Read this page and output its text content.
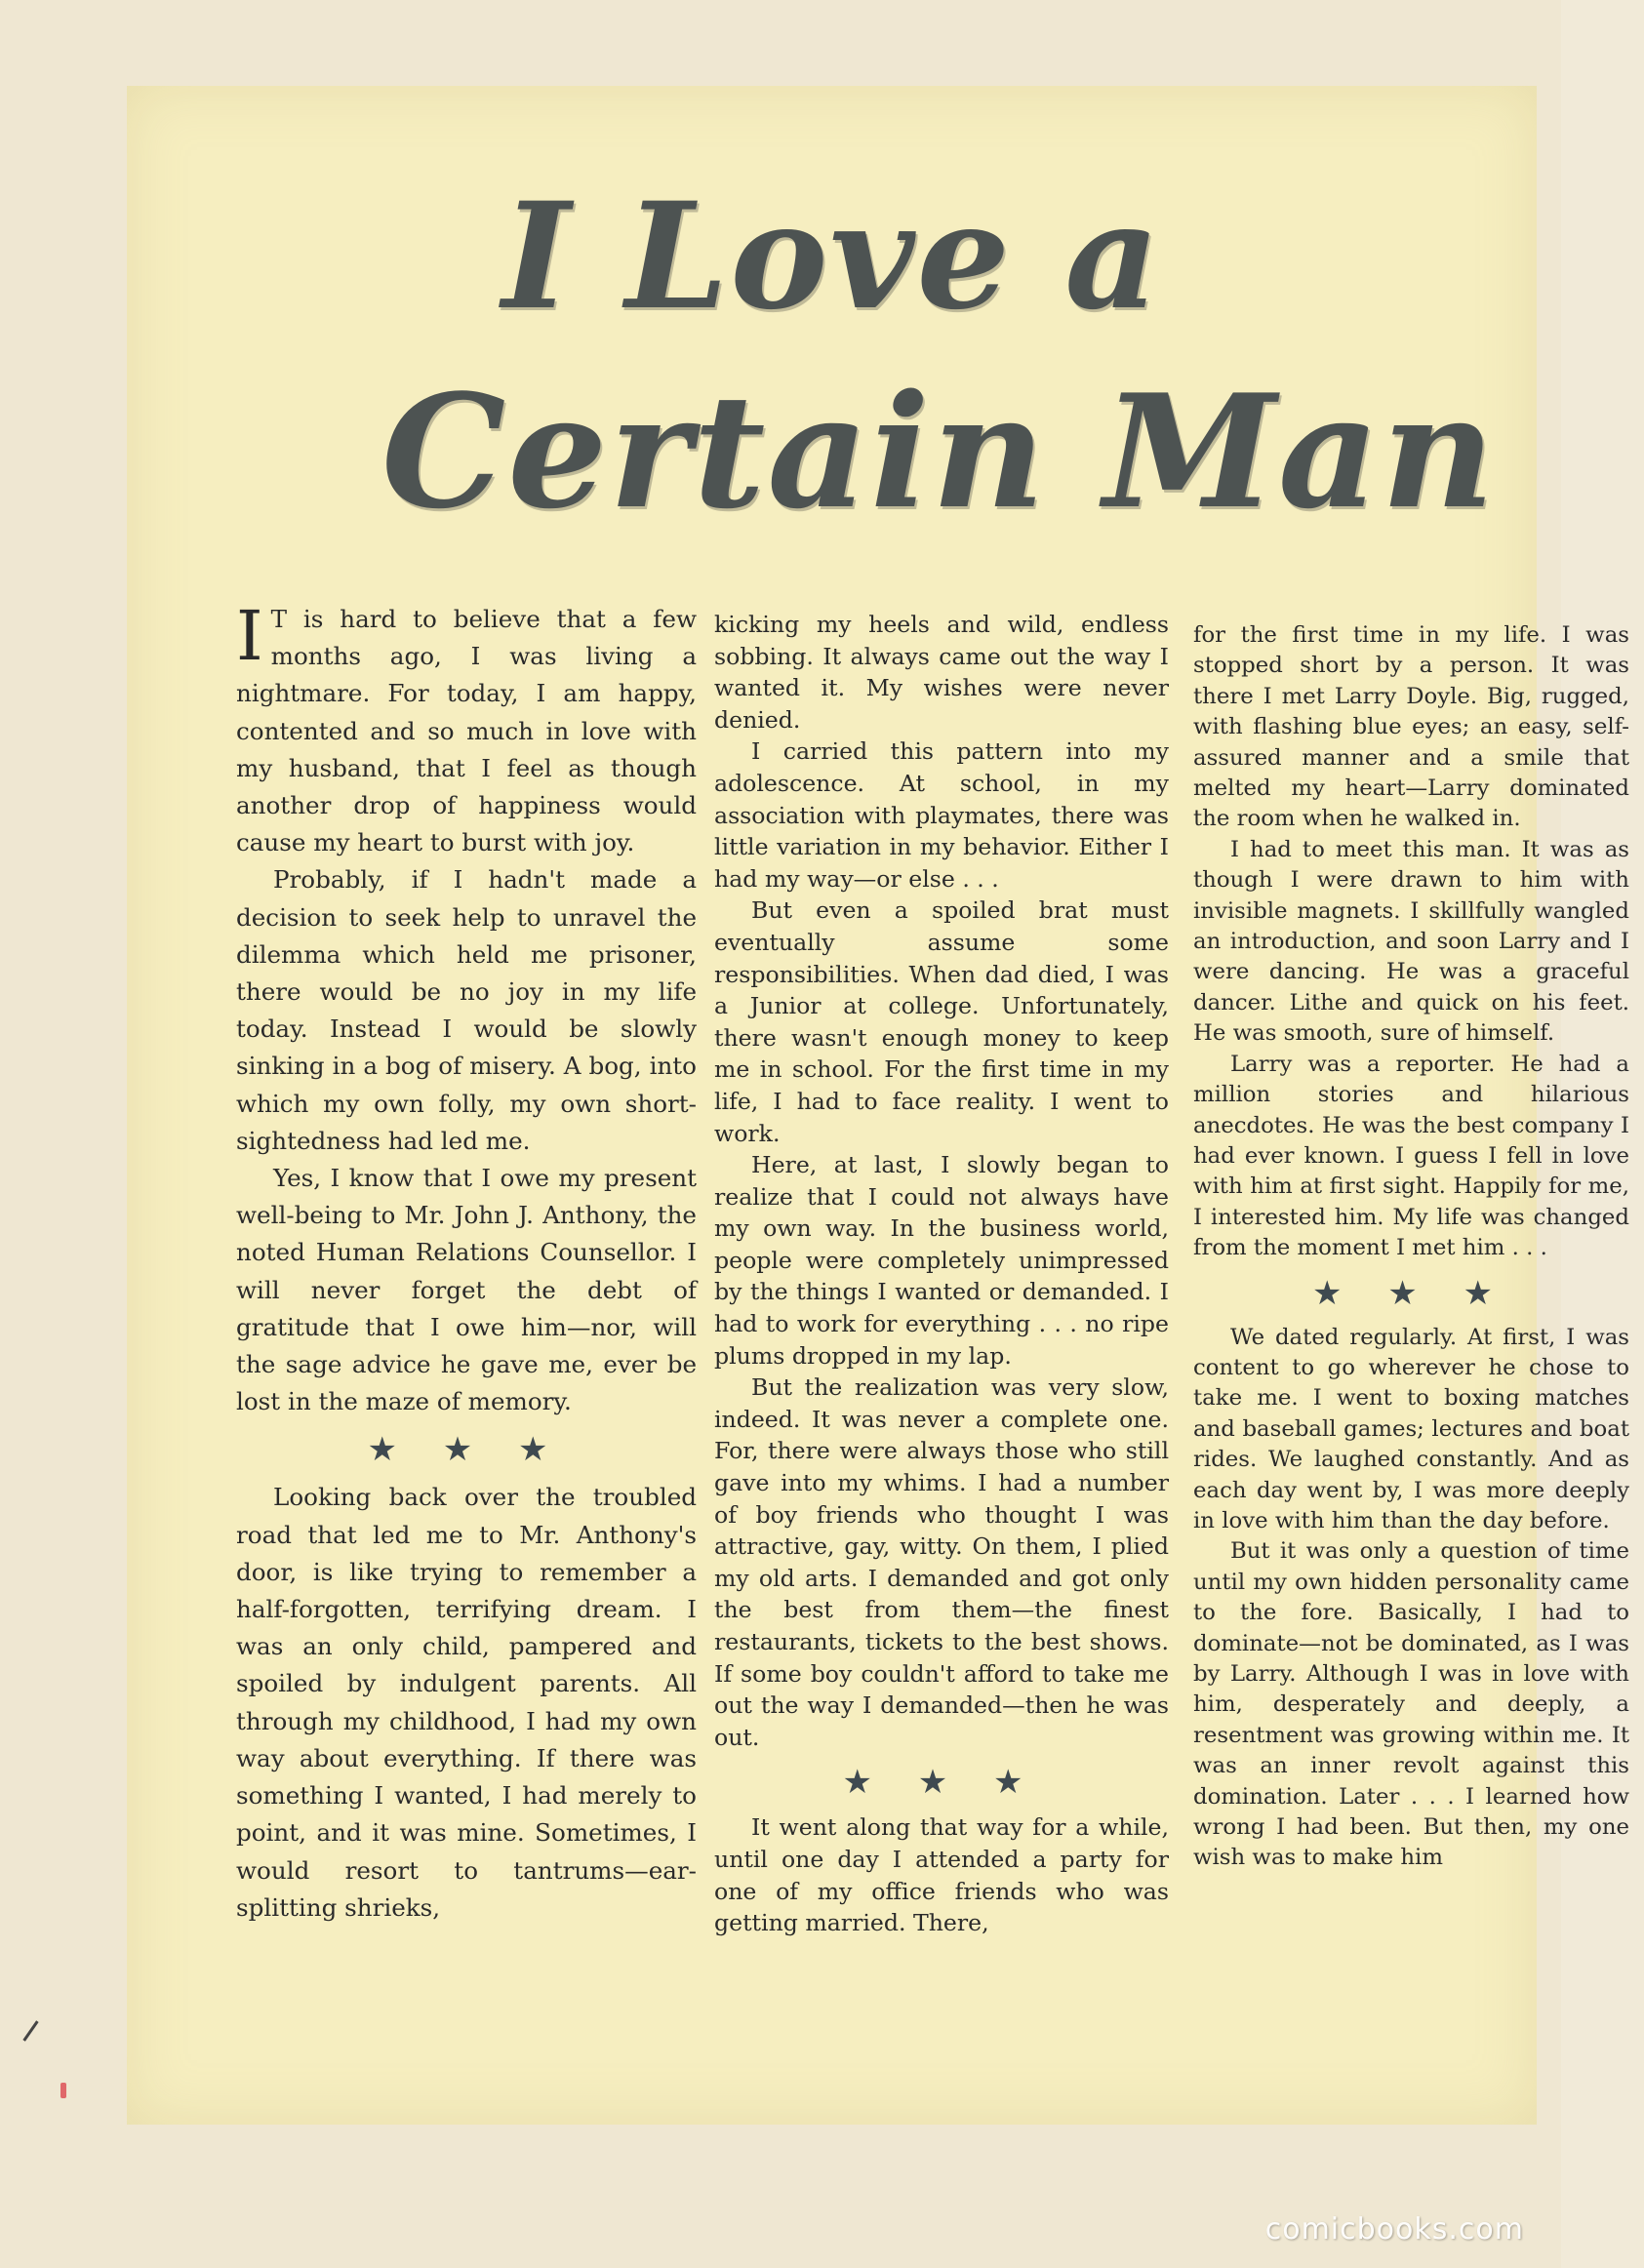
I Love a
Certain Man

I T is hard to believe that a few months ago, I was living a nightmare. For today, I am happy, contented and so much in love with my husband, that I feel as though another drop of happiness would cause my heart to burst with joy.

Probably, if I hadn't made a decision to seek help to unravel the dilemma which held me prisoner, there would be no joy in my life today. Instead I would be slowly sinking in a bog of misery. A bog, into which my own folly, my own short-sightedness had led me.

Yes, I know that I owe my present well-being to Mr. John J. Anthony, the noted Human Relations Counsellor. I will never forget the debt of gratitude that I owe him—nor, will the sage advice he gave me, ever be lost in the maze of memory.

★ ★ ★

Looking back over the troubled road that led me to Mr. Anthony's door, is like trying to remember a half-forgotten, terrifying dream. I was an only child, pampered and spoiled by indulgent parents. All through my childhood, I had my own way about everything. If there was something I wanted, I had merely to point, and it was mine. Sometimes, I would resort to tantrums—ear-splitting shrieks,

kicking my heels and wild, endless sobbing. It always came out the way I wanted it. My wishes were never denied.

I carried this pattern into my adolescence. At school, in my association with playmates, there was little variation in my behavior. Either I had my way—or else . . .

But even a spoiled brat must eventually assume some responsibilities. When dad died, I was a Junior at college. Unfortunately, there wasn't enough money to keep me in school. For the first time in my life, I had to face reality. I went to work.

Here, at last, I slowly began to realize that I could not always have my own way. In the business world, people were completely unimpressed by the things I wanted or demanded. I had to work for everything . . . no ripe plums dropped in my lap.

But the realization was very slow, indeed. It was never a complete one. For, there were always those who still gave into my whims. I had a number of boy friends who thought I was attractive, gay, witty. On them, I plied my old arts. I demanded and got only the best from them—the finest restaurants, tickets to the best shows. If some boy couldn't afford to take me out the way I demanded—then he was out.

★ ★ ★

It went along that way for a while, until one day I attended a party for one of my office friends who was getting married. There,

for the first time in my life. I was stopped short by a person. It was there I met Larry Doyle. Big, rugged, with flashing blue eyes; an easy, self-assured manner and a smile that melted my heart—Larry dominated the room when he walked in.

I had to meet this man. It was as though I were drawn to him with invisible magnets. I skillfully wangled an introduction, and soon Larry and I were dancing. He was a graceful dancer. Lithe and quick on his feet. He was smooth, sure of himself.

Larry was a reporter. He had a million stories and hilarious anecdotes. He was the best company I had ever known. I guess I fell in love with him at first sight. Happily for me, I interested him. My life was changed from the moment I met him . . .

★ ★ ★

We dated regularly. At first, I was content to go wherever he chose to take me. I went to boxing matches and baseball games; lectures and boat rides. We laughed constantly. And as each day went by, I was more deeply in love with him than the day before.

But it was only a question of time until my own hidden personality came to the fore. Basically, I had to dominate—not be dominated, as I was by Larry. Although I was in love with him, desperately and deeply, a resentment was growing within me. It was an inner revolt against this domination. Later . . . I learned how wrong I had been. But then, my one wish was to make him

comicbooks.com
